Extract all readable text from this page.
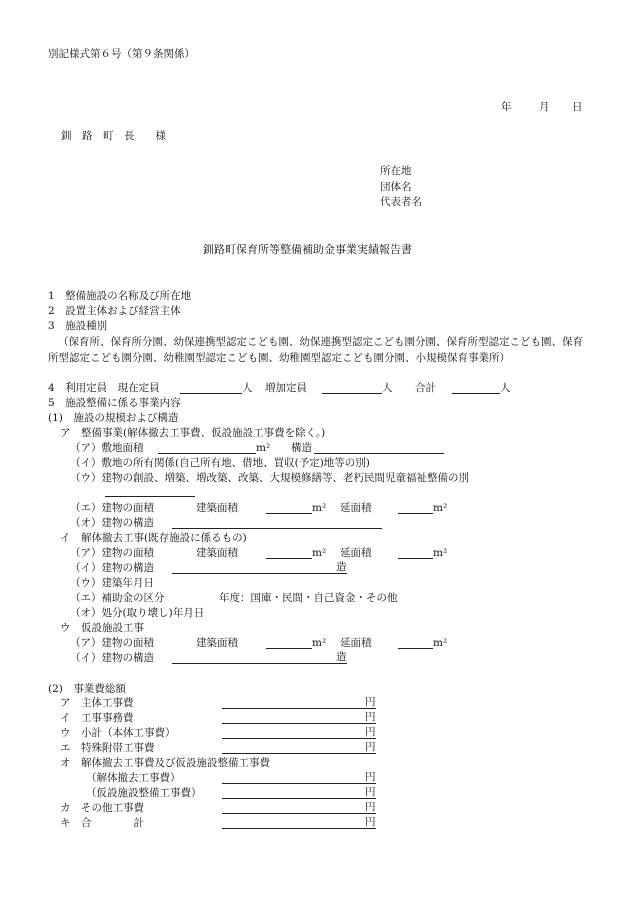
別記様式第６号（第９条関係）
年	月 日
釧　路　町　長　　様
所在地
団体名
代表者名
釧路町保育所等整備補助金事業実績報告書
1　整備施設の名称及び所在地
2　設置主体および経営主体
3　施設種別
（保育所、保育所分園、幼保連携型認定こども園、幼保連携型認定こども園分園、保育所型認定こども園、保育所型認定こども園分園、幼稚園型認定こども園、幼稚園型認定こども園分園、小規模保育事業所）
4　利用定員　現在定員	人 増加定員	人 合計	人
5　施設整備に係る事業内容
(1)　施設の規模および構造
ア　整備事業(解体撤去工事費、仮設施設工事費を除く。)
（ア）敷地面積	m² 構造
（イ）敷地の所有関係(自己所有地、借地、買収(予定)地等の別)
（ウ）建物の創設、増築、増改築、改築、大規模修繕等、老朽民間児童福祉整備の別
（エ）建物の面積	建築面積	m² 延面積	m²
（オ）建物の構造
イ　解体撤去工事(既存施設に係るもの)
（ア）建物の面積	建築面積	m² 延面積	m²
（イ）建物の構造	造
（ウ）建築年月日
（エ）補助金の区分	年度：国庫・民間・自己資金・その他
（オ）処分(取り壊し)年月日
ウ　仮設施設工事
（ア）建物の面積	建築面積	m² 延面積	m²
（イ）建物の構造	造
(2)　事業費総額
ア　主体工事費	円
イ　工事事務費	円
ウ　小計（本体工事費）	円
エ　特殊附帯工事費	円
オ　解体撤去工事費及び仮設施設整備工事費
（解体撤去工事費）	円
（仮設施設整備工事費）	円
カ　その他工事費	円
キ　合　　　　計	円
